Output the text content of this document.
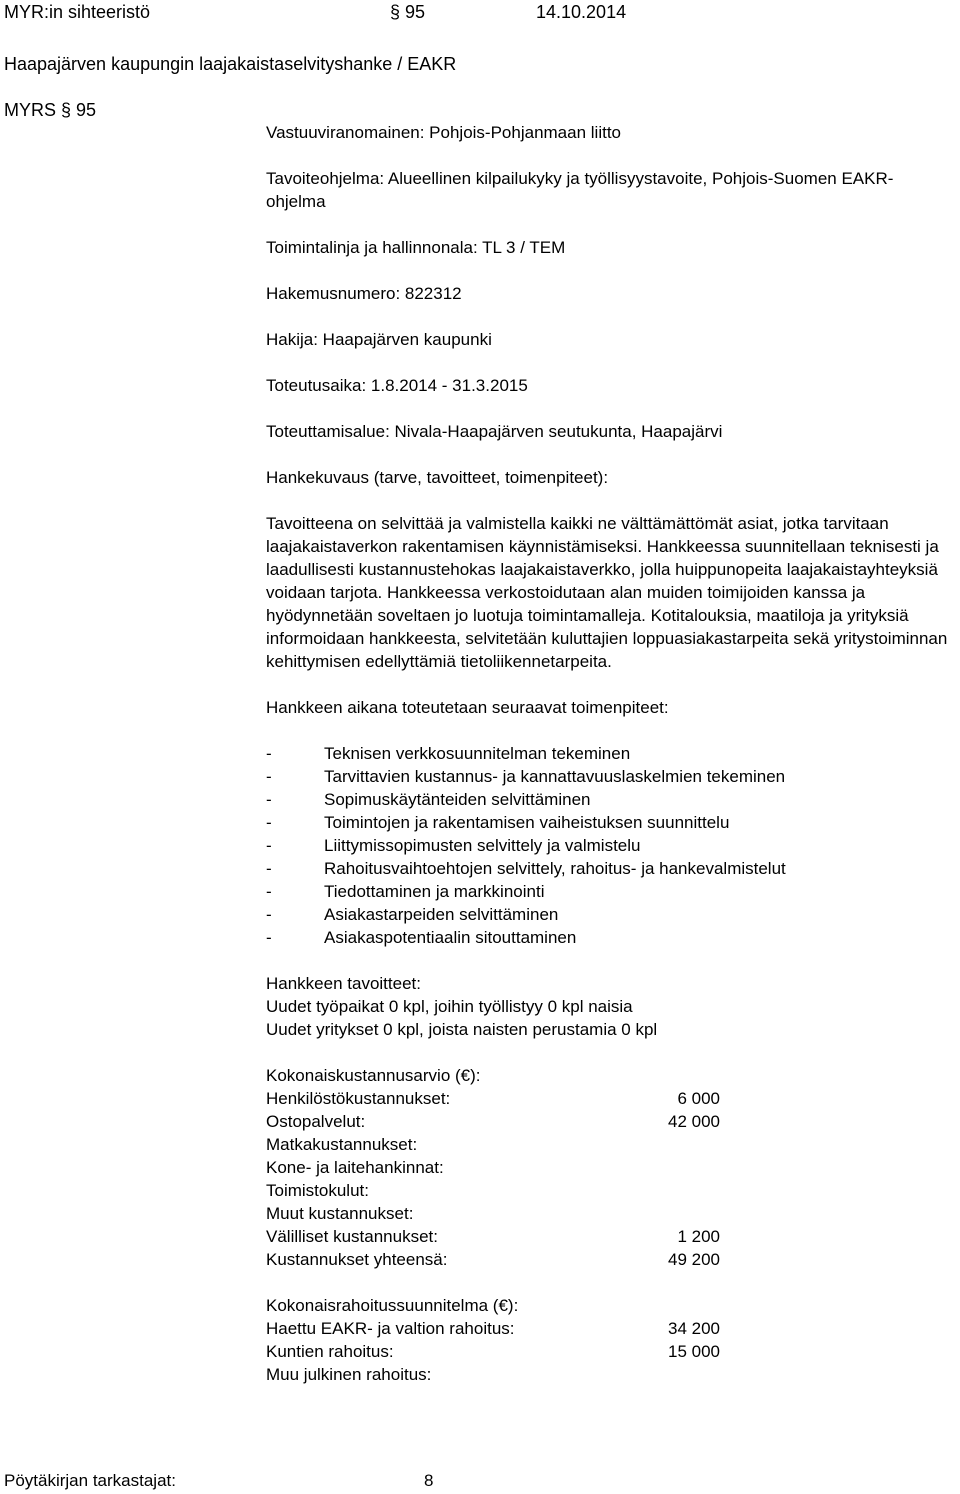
MYR:in sihteeristö	§ 95	14.10.2014
Haapajärven kaupungin laajakaistaselvityshanke / EAKR
MYRS § 95

Vastuuviranomainen: Pohjois-Pohjanmaan liitto

Tavoiteohjelma: Alueellinen kilpailukyky ja työllisyystavoite, Pohjois-Suomen EAKR-ohjelma

Toimintalinja ja hallinnonala: TL 3 / TEM

Hakemusnumero: 822312

Hakija: Haapajärven kaupunki

Toteutusaika: 1.8.2014 - 31.3.2015

Toteuttamisalue: Nivala-Haapajärven seutukunta, Haapajärvi

Hankekuvaus (tarve, tavoitteet, toimenpiteet):

Tavoitteena on selvittää ja valmistella kaikki ne välttämättömät asiat, jotka tarvitaan laajakaistaverkon rakentamisen käynnistämiseksi. Hankkeessa suunnitellaan teknisesti ja laadullisesti kustannustehokas laajakaistaverkko, jolla huippunopeita laajakaistayhteyksiä voidaan tarjota. Hankkeessa verkostoidutaan alan muiden toimijoiden kanssa ja hyödynnetään soveltaen jo luotuja toimintamalleja. Kotitalouksia, maatiloja ja yrityksiä informoidaan hankkeesta, selvitetään kuluttajien loppuasiakastarpeita sekä yritystoiminnan kehittymisen edellyttämiä tietoliikennetarpeita.

Hankkeen aikana toteutetaan seuraavat toimenpiteet:

-	Teknisen verkkosuunnitelman tekeminen
-	Tarvittavien kustannus- ja kannattavuuslaskelmien tekeminen
-	Sopimuskäytänteiden selvittäminen
-	Toimintojen ja rakentamisen vaiheistuksen suunnittelu
-	Liittymissopimusten selvittely ja valmistelu
-	Rahoitusvaihtoehtojen selvittely, rahoitus- ja hankevalmistelut
-	Tiedottaminen ja markkinointi
-	Asiakastarpeiden selvittäminen
-	Asiakaspotentiaalin sitouttaminen

Hankkeen tavoitteet:

Uudet työpaikat 0 kpl, joihin työllistyy 0 kpl naisia

Uudet yritykset 0 kpl, joista naisten perustamia 0 kpl

Kokonaiskustannusarvio (€):

Henkilöstökustannukset:	6 000
Ostopalvelut:	42 000
Matkakustannukset:
Kone- ja laitehankinnat:
Toimistokulut:
Muut kustannukset:
Välilliset kustannukset:	1 200
Kustannukset yhteensä:	49 200

Kokonaisrahoitussuunnitelma (€):

Haettu EAKR- ja valtion rahoitus:	34 200
Kuntien rahoitus:	15 000
Muu julkinen rahoitus:
Pöytäkirjan tarkastajat:	8
